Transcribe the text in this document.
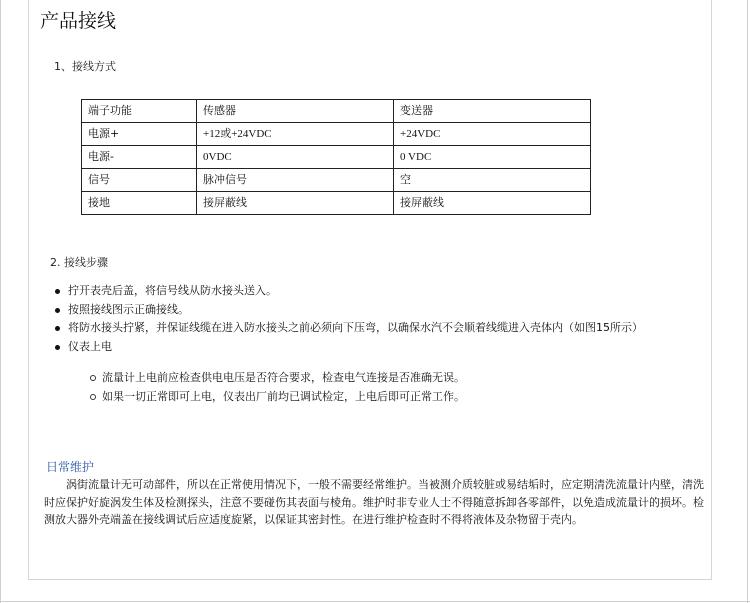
产品接线
1、接线方式
端子功能	传感器	变送器
电源+	+12或+24VDC	+24VDC
电源-	0VDC	0 VDC
信号	脉冲信号	空
接地	接屏蔽线	接屏蔽线
2. 接线步骤
拧开表壳后盖，将信号线从防水接头送入。
按照接线图示正确接线。
将防水接头拧紧，并保证线缆在进入防水接头之前必须向下压弯，以确保水汽不会顺着线缆进入壳体内（如图15所示）
仪表上电
流量计上电前应检查供电电压是否符合要求，检查电气连接是否准确无误。
如果一切正常即可上电，仪表出厂前均已调试检定，上电后即可正常工作。
日常维护

涡街流量计无可动部件，所以在正常使用情况下，一般不需要经常维护。当被测介质较脏或易结垢时，应定期清洗流量计内壁，清洗时应保护好旋涡发生体及检测探头，注意不要碰伤其表面与棱角。维护时非专业人士不得随意拆卸各零部件，以免造成流量计的损坏。检测放大器外壳端盖在接线调试后应适度旋紧，以保证其密封性。在进行维护检查时不得将液体及杂物留于壳内。
